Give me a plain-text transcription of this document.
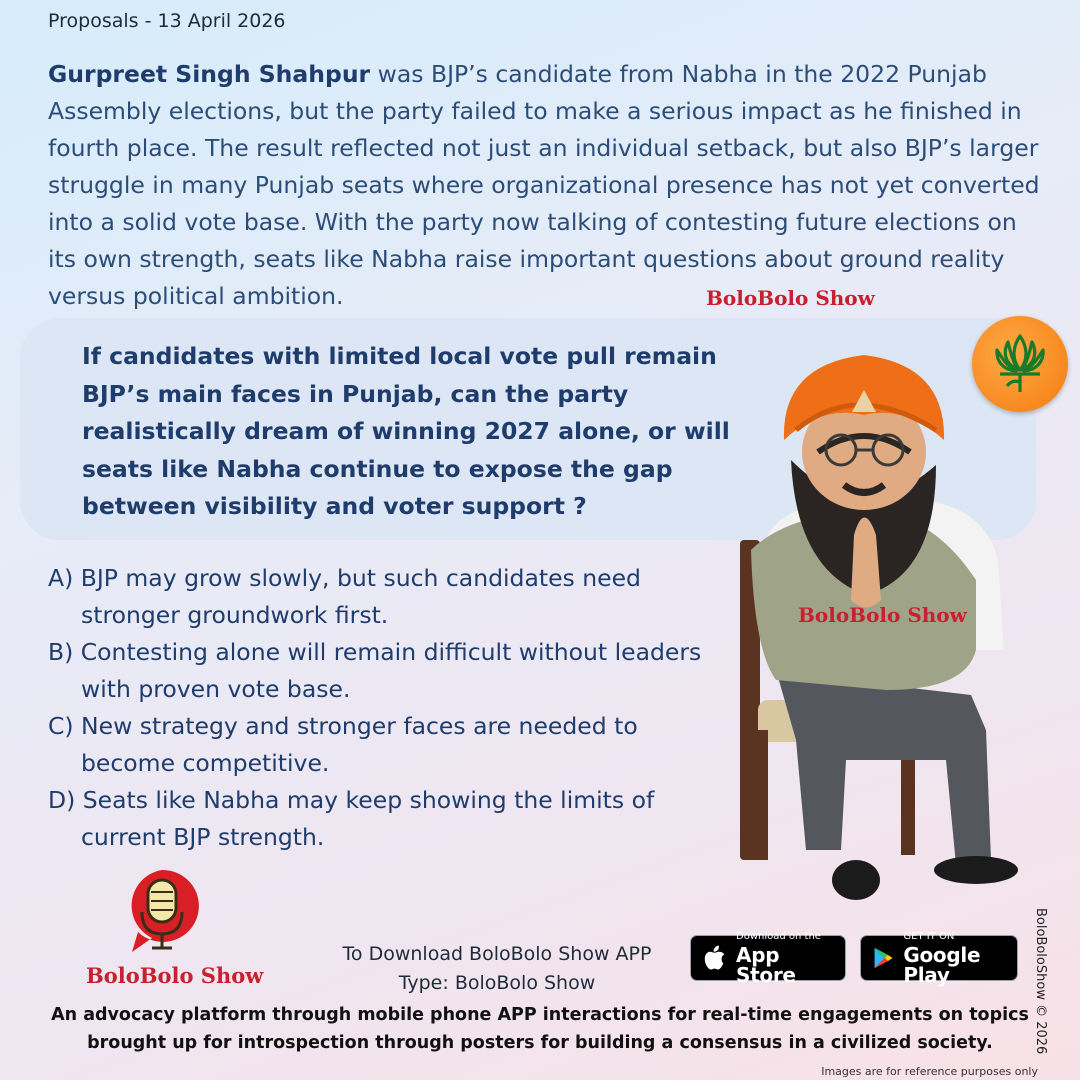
Proposals - 13 April 2026

Gurpreet Singh Shahpur was BJP’s candidate from Nabha in the 2022 Punjab Assembly elections, but the party failed to make a serious impact as he finished in fourth place. The result reflected not just an individual setback, but also BJP’s larger struggle in many Punjab seats where organizational presence has not yet converted into a solid vote base. With the party now talking of contesting future elections on its own strength, seats like Nabha raise important questions about ground reality versus political ambition.	BoloBolo Show

If candidates with limited local vote pull remain BJP’s main faces in Punjab, can the party realistically dream of winning 2027 alone, or will seats like Nabha continue to expose the gap between visibility and voter support ?

A) BJP may grow slowly, but such candidates need stronger groundwork first.
B) Contesting alone will remain difficult without leaders with proven vote base.
C) New strategy and stronger faces are needed to become competitive.
D) Seats like Nabha may keep showing the limits of current BJP strength.
BoloBolo Show
BoloBolo Show
To Download BoloBolo Show APP
Type: BoloBolo Show
Download on the
App Store
GET IT ON
Google Play

An advocacy platform through mobile phone APP interactions for real-time engagements on topics brought up for introspection through posters for building a consensus in a civilized society.	BoloBoloShow © 2026
Images are for reference purposes only
